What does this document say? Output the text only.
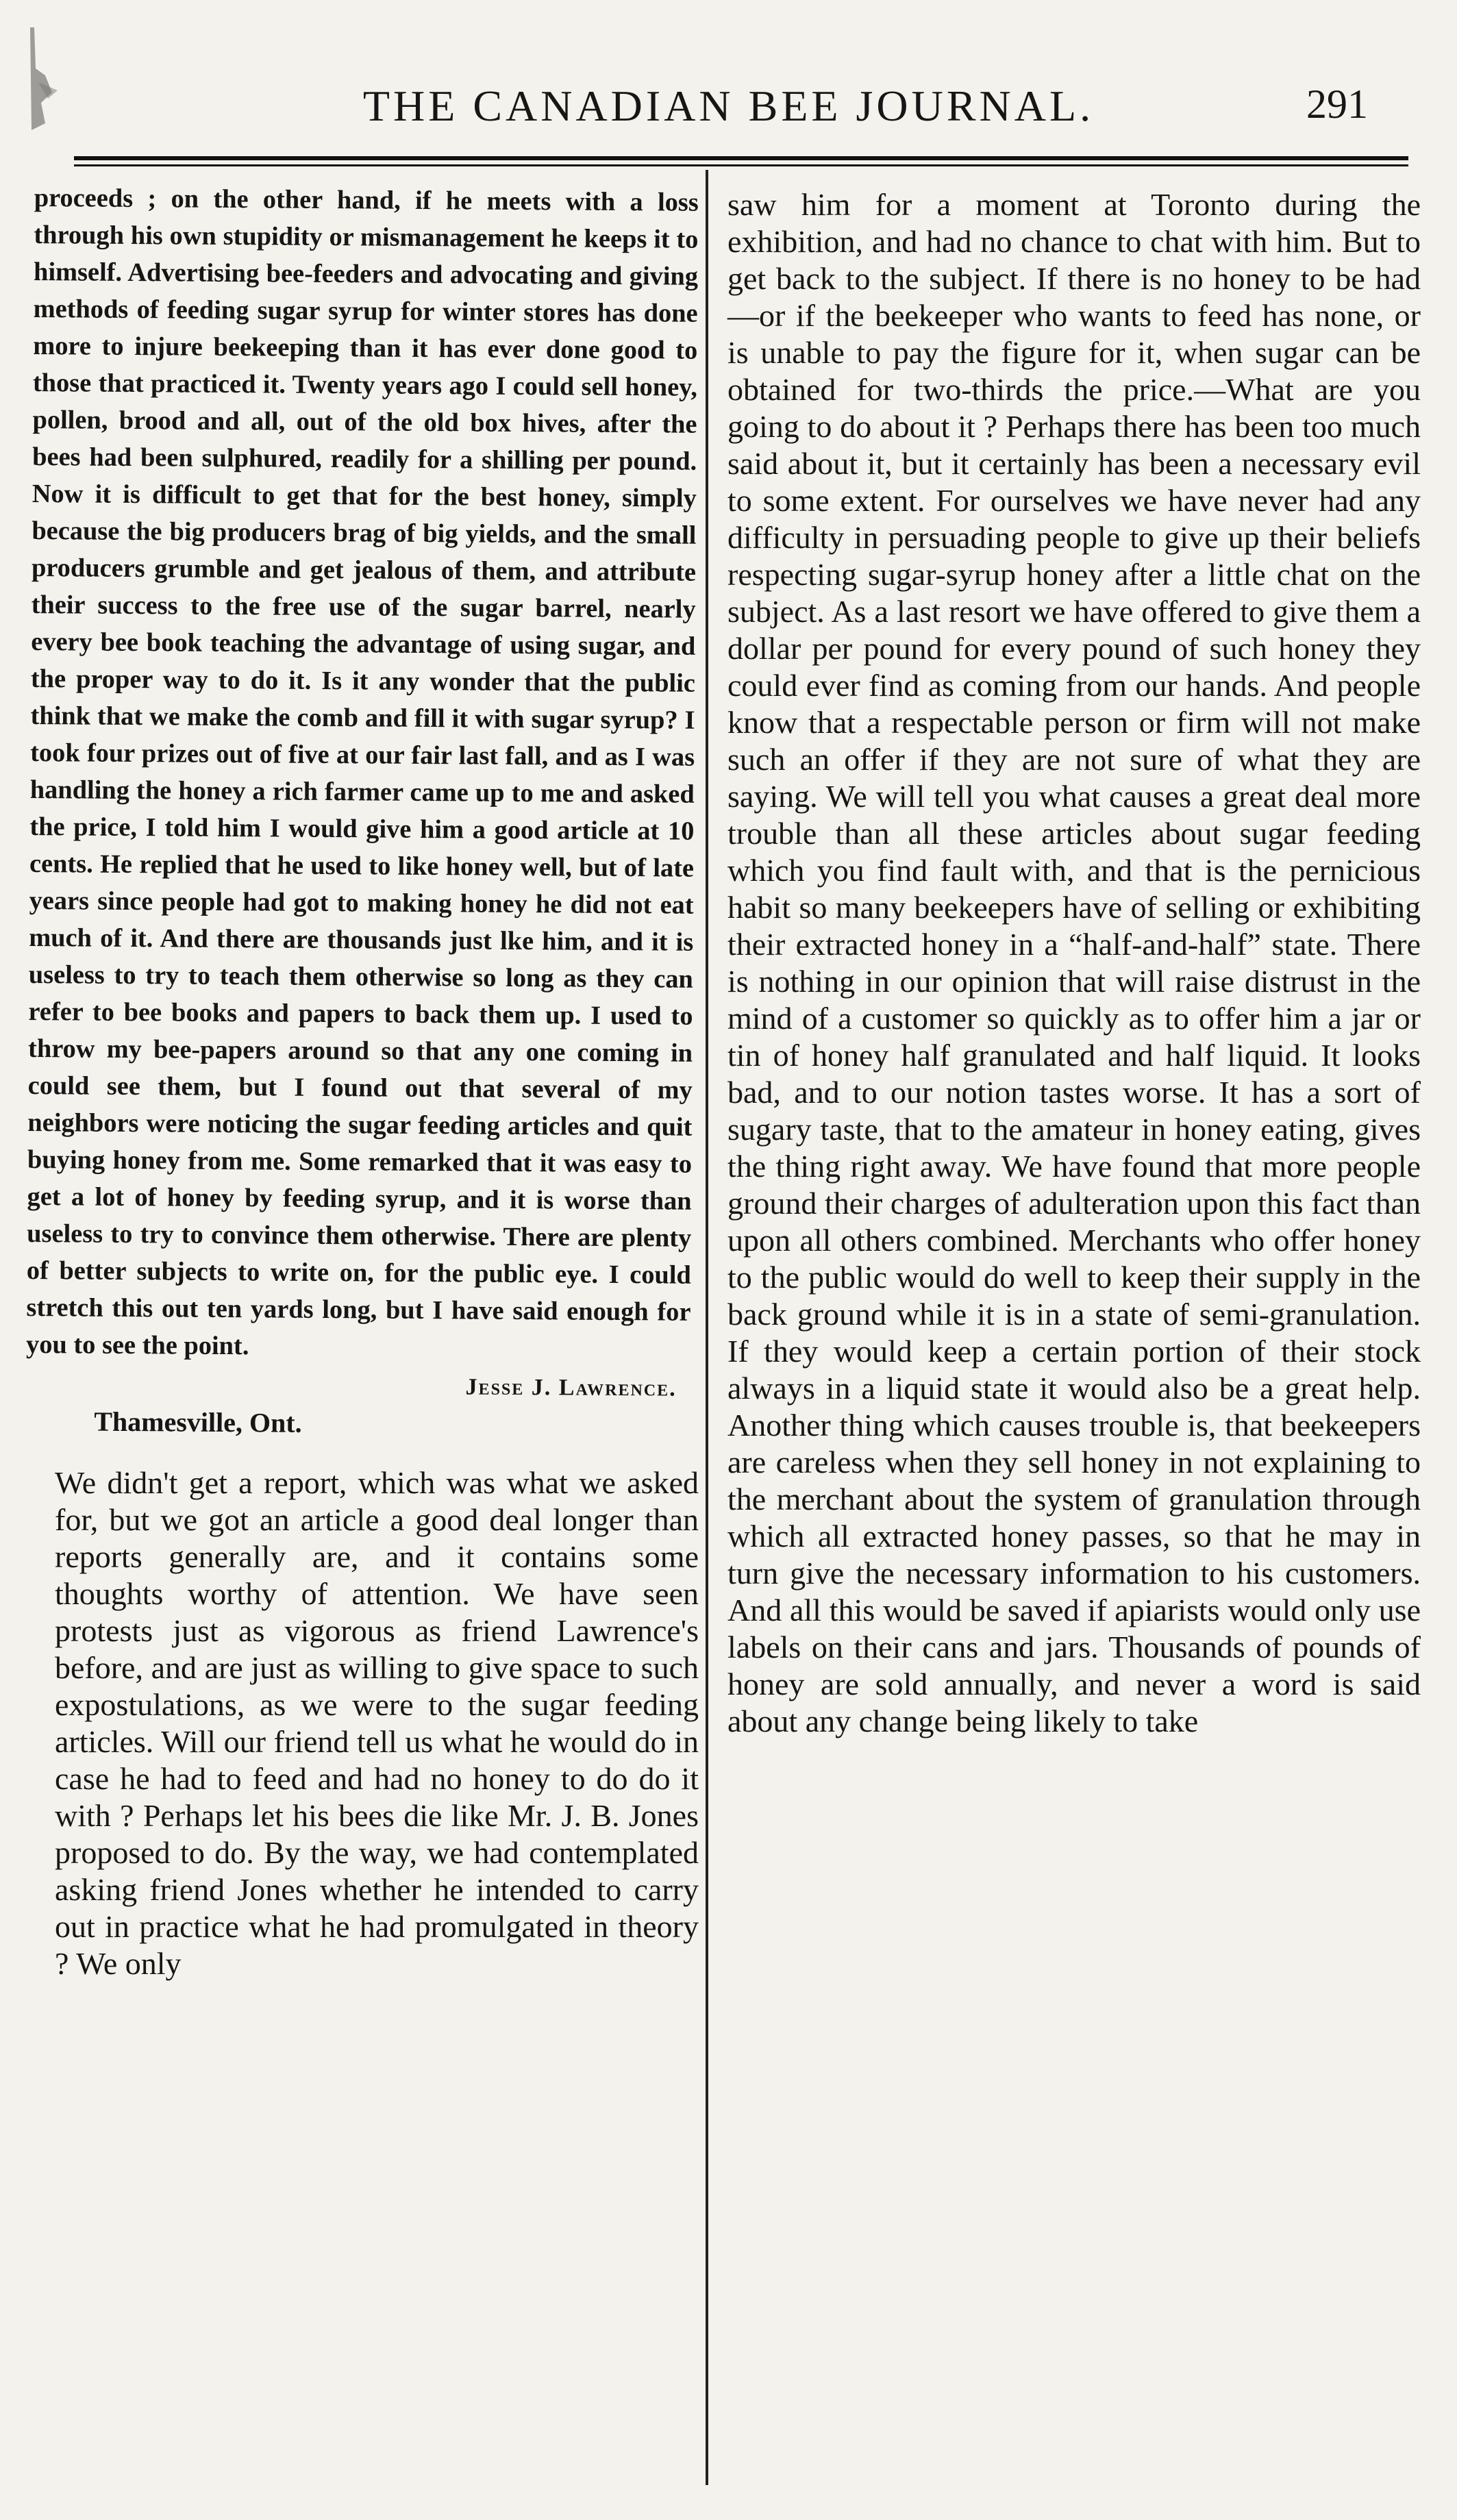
THE CANADIAN BEE JOURNAL.	291

proceeds ; on the other hand, if he meets with a loss through his own stupidity or mismanagement he keeps it to himself. Advertising bee-feeders and advocating and giving methods of feeding sugar syrup for winter stores has done more to injure beekeeping than it has ever done good to those that practiced it. Twenty years ago I could sell honey, pollen, brood and all, out of the old box hives, after the bees had been sulphured, readily for a shilling per pound. Now it is difficult to get that for the best honey, simply because the big producers brag of big yields, and the small producers grumble and get jealous of them, and attribute their success to the free use of the sugar barrel, nearly every bee book teaching the advantage of using sugar, and the proper way to do it. Is it any wonder that the public think that we make the comb and fill it with sugar syrup? I took four prizes out of five at our fair last fall, and as I was handling the honey a rich farmer came up to me and asked the price, I told him I would give him a good article at 10 cents. He replied that he used to like honey well, but of late years since people had got to making honey he did not eat much of it. And there are thousands just lke him, and it is useless to try to teach them otherwise so long as they can refer to bee books and papers to back them up. I used to throw my bee-papers around so that any one coming in could see them, but I found out that several of my neighbors were noticing the sugar feeding articles and quit buying honey from me. Some remarked that it was easy to get a lot of honey by feeding syrup, and it is worse than useless to try to convince them otherwise. There are plenty of better subjects to write on, for the public eye. I could stretch this out ten yards long, but I have said enough for you to see the point.

Jesse J. Lawrence.
Thamesville, Ont.

We didn't get a report, which was what we asked for, but we got an article a good deal longer than reports generally are, and it contains some thoughts worthy of attention. We have seen protests just as vigorous as friend Lawrence's before, and are just as willing to give space to such expostulations, as we were to the sugar feeding articles. Will our friend tell us what he would do in case he had to feed and had no honey to do do it with ? Perhaps let his bees die like Mr. J. B. Jones proposed to do. By the way, we had contemplated asking friend Jones whether he intended to carry out in practice what he had promulgated in theory ? We only

saw him for a moment at Toronto during the exhibition, and had no chance to chat with him. But to get back to the subject. If there is no honey to be had—or if the beekeeper who wants to feed has none, or is unable to pay the figure for it, when sugar can be obtained for two-thirds the price.—What are you going to do about it ? Perhaps there has been too much said about it, but it certainly has been a necessary evil to some extent. For ourselves we have never had any difficulty in persuading people to give up their beliefs respecting sugar-syrup honey after a little chat on the subject. As a last resort we have offered to give them a dollar per pound for every pound of such honey they could ever find as coming from our hands. And people know that a respectable person or firm will not make such an offer if they are not sure of what they are saying. We will tell you what causes a great deal more trouble than all these articles about sugar feeding which you find fault with, and that is the pernicious habit so many beekeepers have of selling or exhibiting their extracted honey in a “half-and-half” state. There is nothing in our opinion that will raise distrust in the mind of a customer so quickly as to offer him a jar or tin of honey half granulated and half liquid. It looks bad, and to our notion tastes worse. It has a sort of sugary taste, that to the amateur in honey eating, gives the thing right away. We have found that more people ground their charges of adulteration upon this fact than upon all others combined. Merchants who offer honey to the public would do well to keep their supply in the back ground while it is in a state of semi-granulation. If they would keep a certain portion of their stock always in a liquid state it would also be a great help. Another thing which causes trouble is, that beekeepers are careless when they sell honey in not explaining to the merchant about the system of granulation through which all extracted honey passes, so that he may in turn give the necessary information to his customers. And all this would be saved if apiarists would only use labels on their cans and jars. Thousands of pounds of honey are sold annually, and never a word is said about any change being likely to take
